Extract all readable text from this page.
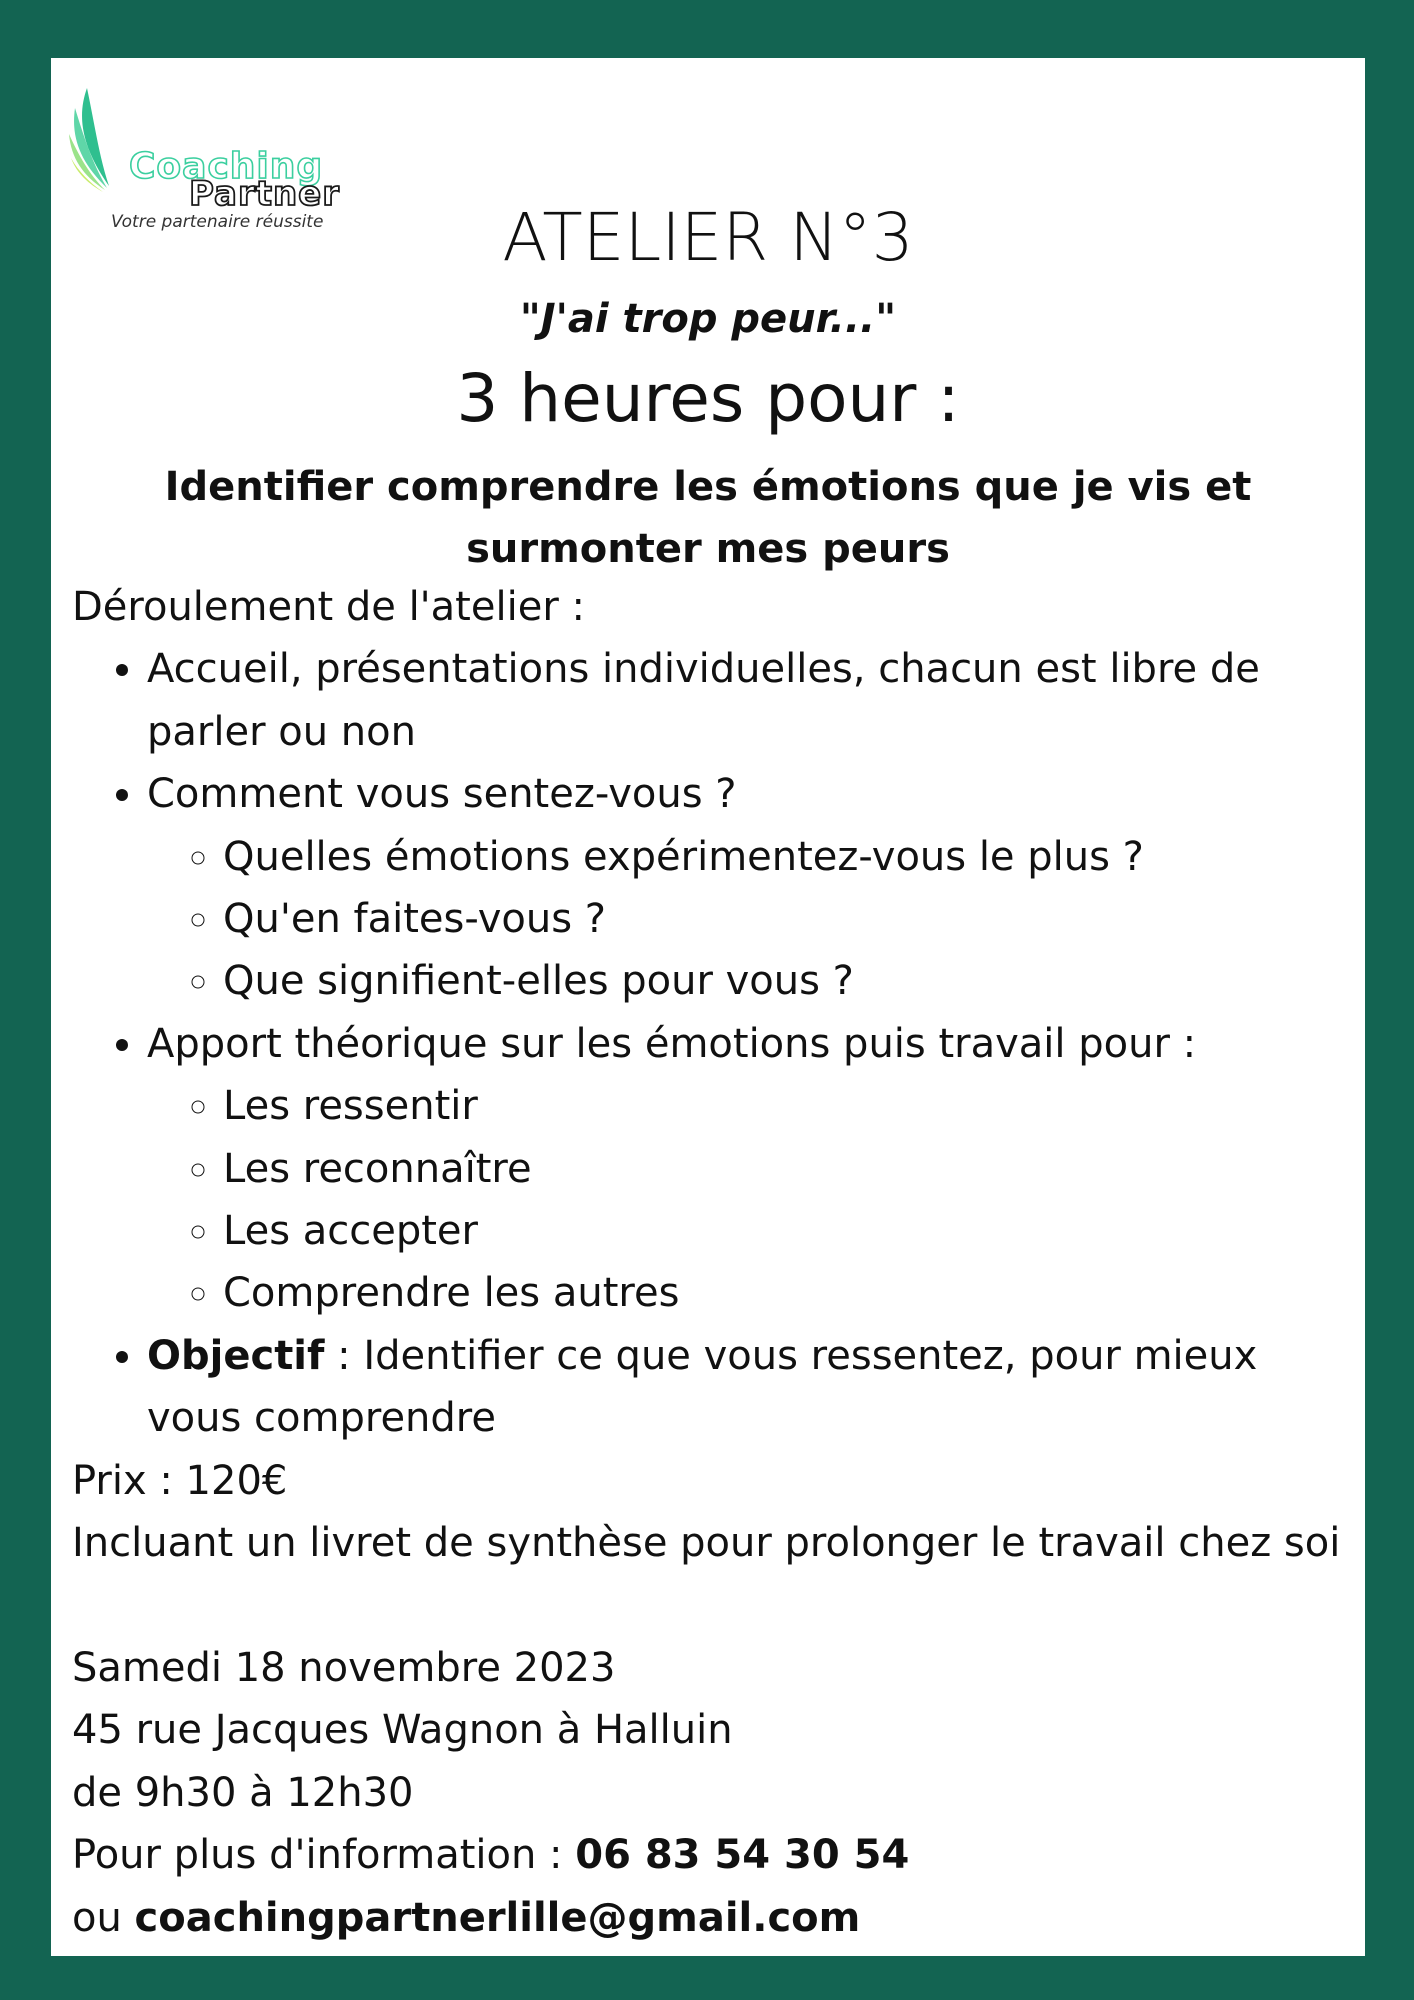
Coaching
Partner
Votre partenaire réussite	ATELIER N°3
"J'ai trop peur..."
3 heures pour :
Identifier comprendre les émotions que je vis et surmonter mes peurs

Déroulement de l'atelier :

• Accueil, présentations individuelles, chacun est libre de parler ou non
• Comment vous sentez-vous ?
◦ Quelles émotions expérimentez-vous le plus ?
◦ Qu'en faites-vous ?
◦ Que signifient-elles pour vous ?
• Apport théorique sur les émotions puis travail pour :
◦ Les ressentir
◦ Les reconnaître
◦ Les accepter
◦ Comprendre les autres
• Objectif : Identifier ce que vous ressentez, pour mieux vous comprendre

Prix : 120€

Incluant un livret de synthèse pour prolonger le travail chez soi

Samedi 18 novembre 2023

45 rue Jacques Wagnon à Halluin

de 9h30 à 12h30

Pour plus d'information : 06 83 54 30 54

ou coachingpartnerlille@gmail.com
